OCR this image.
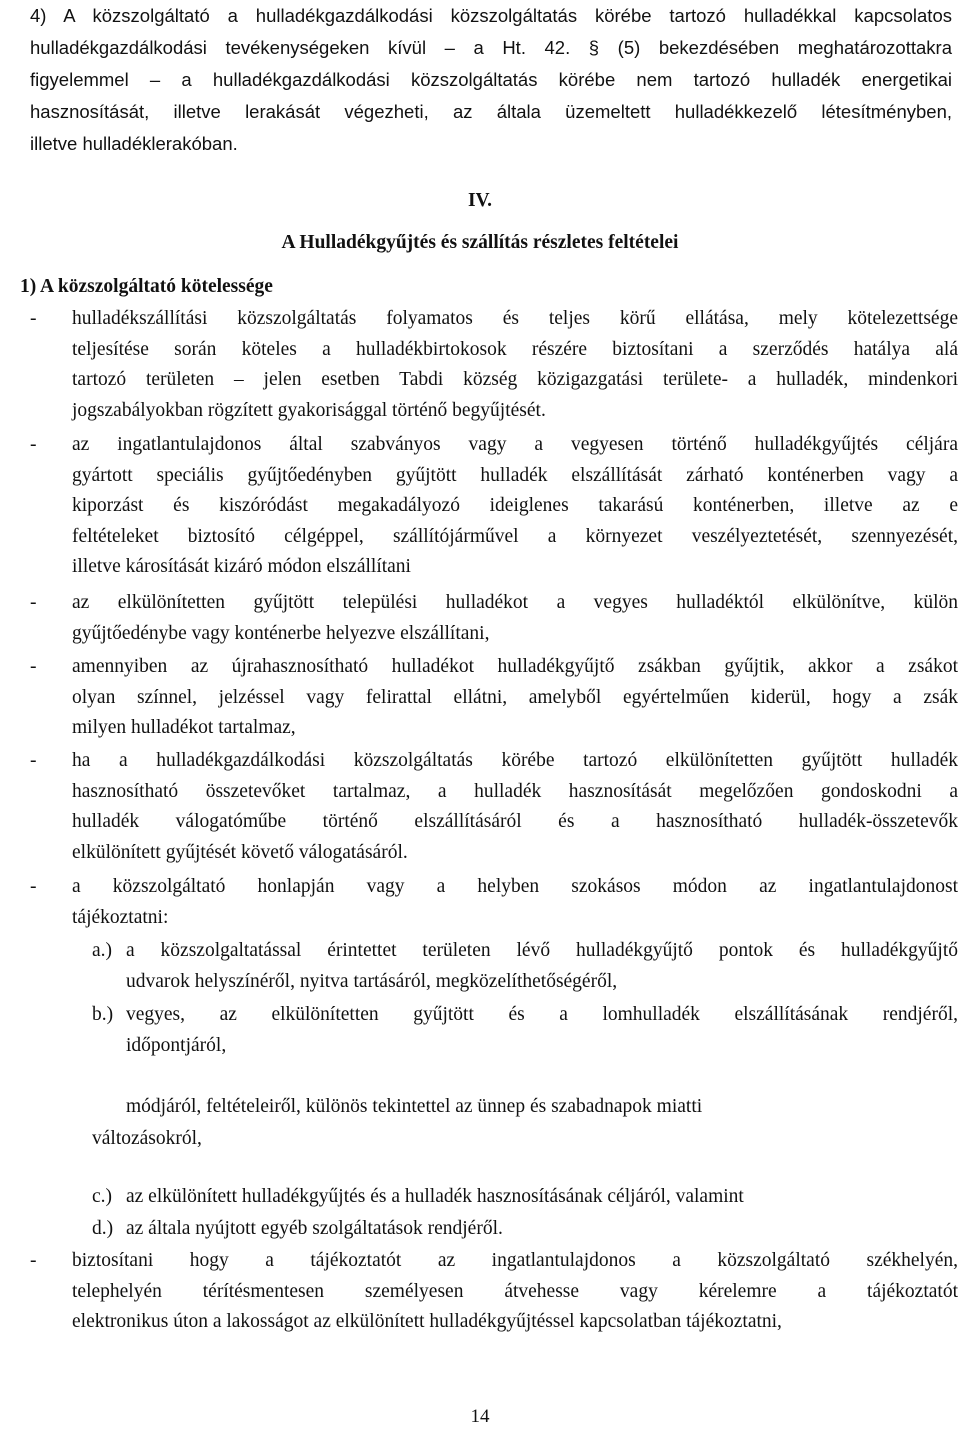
4) A közszolgáltató a hulladékgazdálkodási közszolgáltatás körébe tartozó hulladékkal kapcsolatos
hulladékgazdálkodási tevékenységeken kívül – a Ht. 42. § (5) bekezdésében meghatározottakra
figyelemmel – a hulladékgazdálkodási közszolgáltatás körébe nem tartozó hulladék energetikai
hasznosítását, illetve lerakását végezheti, az általa üzemeltett hulladékkezelő létesítményben,
illetve hulladéklerakóban.
IV.
A Hulladékgyűjtés és szállítás részletes feltételei
1) A közszolgáltató kötelessége
- hulladékszállítási közszolgáltatás folyamatos és teljes körű ellátása, mely kötelezettsége
teljesítése során köteles a hulladékbirtokosok részére biztosítani a szerződés hatálya alá
tartozó területen – jelen esetben Tabdi község közigazgatási területe- a hulladék, mindenkori
jogszabályokban rögzített gyakorisággal történő begyűjtését.
- az ingatlantulajdonos által szabványos vagy a vegyesen történő hulladékgyűjtés céljára
gyártott speciális gyűjtőedényben gyűjtött hulladék elszállítását zárható konténerben vagy a
kiporzást és kiszóródást megakadályozó ideiglenes takarású konténerben, illetve az e
feltételeket biztosító célgéppel, szállítójárművel a környezet veszélyeztetését, szennyezését,
illetve károsítását kizáró módon elszállítani
- az elkülönítetten gyűjtött települési hulladékot a vegyes hulladéktól elkülönítve, külön
gyűjtőedénybe vagy konténerbe helyezve elszállítani,
- amennyiben az újrahasznosítható hulladékot hulladékgyűjtő zsákban gyűjtik, akkor a zsákot
olyan színnel, jelzéssel vagy felirattal ellátni, amelyből egyértelműen kiderül, hogy a zsák
milyen hulladékot tartalmaz,
- ha a hulladékgazdálkodási közszolgáltatás körébe tartozó elkülönítetten gyűjtött hulladék
hasznosítható összetevőket tartalmaz, a hulladék hasznosítását megelőzően gondoskodni a
hulladék válogatóműbe történő elszállításáról és a hasznosítható hulladék-összetevők
elkülönített gyűjtését követő válogatásáról.
- a közszolgáltató honlapján vagy a helyben szokásos módon az ingatlantulajdonost
tájékoztatni:
a.) a közszolgaltatással érintettet területen lévő hulladékgyűjtő pontok és hulladékgyűjtő
udvarok helyszínéről, nyitva tartásáról, megközelíthetőségéről,
b.) vegyes, az elkülönítetten gyűjtött és a lomhulladék elszállításának rendjéről,
időpontjáról,
módjáról, feltételeiről, különös tekintettel az ünnep és szabadnapok miatti
változásokról,
c.) az elkülönített hulladékgyűjtés és a hulladék hasznosításának céljáról, valamint
d.) az általa nyújtott egyéb szolgáltatások rendjéről.
- biztosítani hogy a tájékoztatót az ingatlantulajdonos a közszolgáltató székhelyén,
telephelyén térítésmentesen személyesen átvehesse vagy kérelemre a tájékoztatót
elektronikus úton a lakosságot az elkülönített hulladékgyűjtéssel kapcsolatban tájékoztatni,
14
